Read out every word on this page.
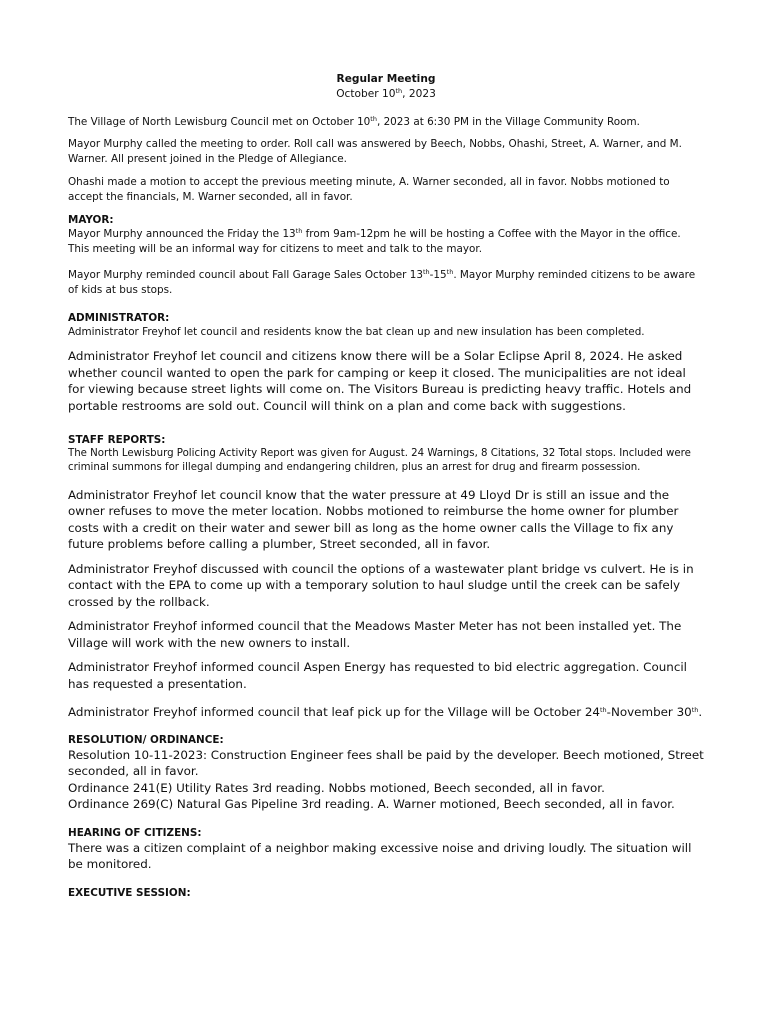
Regular Meeting

October 10th, 2023

The Village of North Lewisburg Council met on October 10th, 2023 at 6:30 PM in the Village Community Room.

Mayor Murphy called the meeting to order. Roll call was answered by Beech, Nobbs, Ohashi, Street, A. Warner, and M. Warner. All present joined in the Pledge of Allegiance.

Ohashi made a motion to accept the previous meeting minute, A. Warner seconded, all in favor. Nobbs motioned to accept the financials, M. Warner seconded, all in favor.

MAYOR:

Mayor Murphy announced the Friday the 13th from 9am-12pm he will be hosting a Coffee with the Mayor in the office. This meeting will be an informal way for citizens to meet and talk to the mayor.

Mayor Murphy reminded council about Fall Garage Sales October 13th-15th. Mayor Murphy reminded citizens to be aware of kids at bus stops.

ADMINISTRATOR:

Administrator Freyhof let council and residents know the bat clean up and new insulation has been completed.

Administrator Freyhof let council and citizens know there will be a Solar Eclipse April 8, 2024. He asked whether council wanted to open the park for camping or keep it closed. The municipalities are not ideal for viewing because street lights will come on. The Visitors Bureau is predicting heavy traffic. Hotels and portable restrooms are sold out. Council will think on a plan and come back with suggestions.

STAFF REPORTS:

The North Lewisburg Policing Activity Report was given for August. 24 Warnings, 8 Citations, 32 Total stops. Included were criminal summons for illegal dumping and endangering children, plus an arrest for drug and firearm possession.

Administrator Freyhof let council know that the water pressure at 49 Lloyd Dr is still an issue and the owner refuses to move the meter location. Nobbs motioned to reimburse the home owner for plumber costs with a credit on their water and sewer bill as long as the home owner calls the Village to fix any future problems before calling a plumber, Street seconded, all in favor.

Administrator Freyhof discussed with council the options of a wastewater plant bridge vs culvert. He is in contact with the EPA to come up with a temporary solution to haul sludge until the creek can be safely crossed by the rollback.

Administrator Freyhof informed council that the Meadows Master Meter has not been installed yet. The Village will work with the new owners to install.

Administrator Freyhof informed council Aspen Energy has requested to bid electric aggregation. Council has requested a presentation.

Administrator Freyhof informed council that leaf pick up for the Village will be October 24th-November 30th.

RESOLUTION/ ORDINANCE:

Resolution 10-11-2023: Construction Engineer fees shall be paid by the developer. Beech motioned, Street seconded, all in favor.

Ordinance 241(E) Utility Rates 3rd reading. Nobbs motioned, Beech seconded, all in favor.

Ordinance 269(C) Natural Gas Pipeline 3rd reading. A. Warner motioned, Beech seconded, all in favor.

HEARING OF CITIZENS:

There was a citizen complaint of a neighbor making excessive noise and driving loudly. The situation will be monitored.

EXECUTIVE SESSION:
